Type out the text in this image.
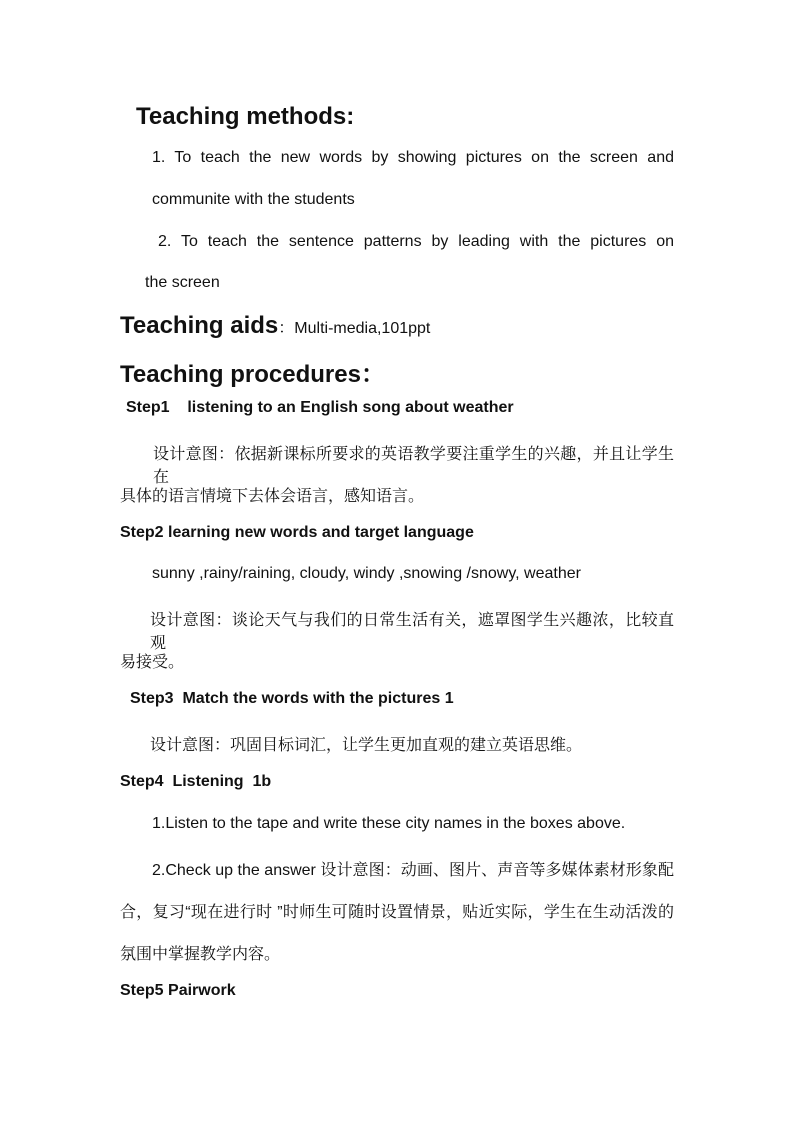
Teaching methods:
1. To teach the new words by showing pictures on the screen and
communite with the students
2. To teach the sentence patterns by leading with the pictures on
the screen
Teaching aids：Multi-media,101ppt
Teaching procedures：
Step1    listening to an English song about weather
设计意图：依据新课标所要求的英语教学要注重学生的兴趣，并且让学生在
具体的语言情境下去体会语言，感知语言。
Step2 learning new words and target language
sunny ,rainy/raining, cloudy, windy ,snowing /snowy, weather
设计意图：谈论天气与我们的日常生活有关，遮罩图学生兴趣浓，比较直观
易接受。
Step3  Match the words with the pictures 1
设计意图：巩固目标词汇，让学生更加直观的建立英语思维。
Step4  Listening  1b
1.Listen to the tape and write these city names in the boxes above.
2.Check up the answer 设计意图：动画、图片、声音等多媒体素材形象配
合，复习“现在进行时 ”时师生可随时设置情景，贴近实际，学生在生动活泼的
氛围中掌握教学内容。
Step5 Pairwork
